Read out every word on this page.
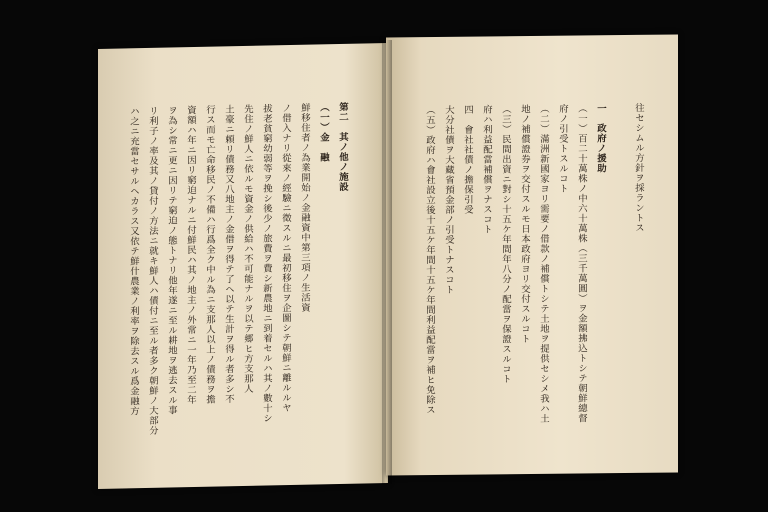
第二　其ノ他ノ施設
（一）金　融
鮮移住者ノ為業開始ノ金融資中第三項ノ生活資
ノ借入ナリ從來ノ經驗ニ徵スルニ最初移住ヲ企圖シテ朝鮮ニ離ルルヤ
拔老貧窮幼弱等ヲ挽シ後少ノ旅費ヲ費シ新農地ニ到着セルハ其ノ數十シ
先住ノ鮮人ニ依ルモ資金ノ供給ハ不可能ナルヲ以テ郷ヒ方支那人
土豪ニ頼リ債務又八地主ノ金借ヲ得テ了ヘ以テ生計ヲ得ル者多シ不
行ス而モ亡命移民ノ不備ハ行爲全ク中ル為ニ支那人以上ノ債務ヲ擔
資額ハ年ニ因リ窮迫ナルニ付鮮民ハ其ノ地主ノ外常ニ一年乃至二年
ヲ為シ常ニ更ニ因リテ窮迫ノ態トナリ他年遂ニ至ル耕地ヲ逃去スル事
リ利子ノ率及其ノ貸付ノ方法ニ就キ鮮人ハ債付ニ至ル者多ク朝鮮ノ大部分
ハ之ニ充當セサルヘカラス又依テ鮮什農業ノ利率ヲ除去スル爲金融方	往セシムル方針ヲ採ラントス
一　政府ノ援助
（一）百二十萬株ノ中六十萬株（三千萬圓）ヲ金額拂込トシテ朝鮮總督
府ノ引受トスルコト
（二）滿洲新國家ヨリ需要ノ借款ノ補償トシテ土地ヲ提供セシメ我ハ土
地ノ補償證券ヲ交付スルモ日本政府ヨリ交付スルコト
（三）民間出資ニ對シ十五ケ年間年八分ノ配當ヲ保證スルコト
府ハ利益配當補償ヲナスコト
四　會社社債ノ擔保引受
大分社債ヲ大藏省預金部ノ引受トナスコト
（五）政府ハ會社設立後十五ケ年間十五ケ年間利益配當ヲ補ヒ免除ス
